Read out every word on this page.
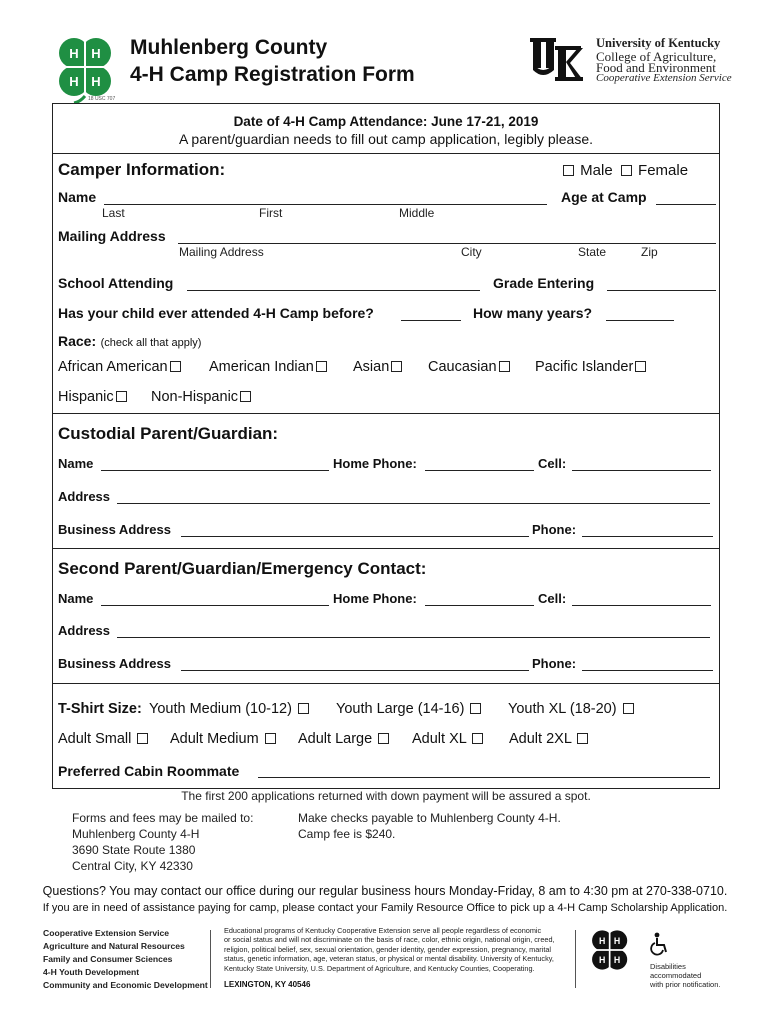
H H
H H
18 USC 707
Muhlenberg County
4-H Camp Registration Form
University of Kentucky
College of Agriculture,
Food and Environment
Cooperative Extension Service
Date of 4-H Camp Attendance: June 17-21, 2019
A parent/guardian needs to fill out camp application, legibly please.
Camper Information:	Male Female
Name	Age at Camp
Last	First	Middle
Mailing Address
Mailing Address	City	State	Zip
School Attending	Grade Entering
Has your child ever attended 4-H Camp before?	How many years?
Race: (check all that apply)
African American	American Indian	Asian	Caucasian	Pacific Islander
Hispanic	Non-Hispanic
Custodial Parent/Guardian:
Name	Home Phone:	Cell:
Address
Business Address	Phone:
Second Parent/Guardian/Emergency Contact:
Name	Home Phone:	Cell:
Address
Business Address	Phone:
T-Shirt Size: Youth Medium (10-12)	Youth Large (14-16)	Youth XL (18-20)
Adult Small	Adult Medium	Adult Large	Adult XL	Adult 2XL
Preferred Cabin Roommate
The first 200 applications returned with down payment will be assured a spot.
Forms and fees may be mailed to:
Muhlenberg County 4-H
3690 State Route 1380
Central City, KY 42330
Make checks payable to Muhlenberg County 4-H.
Camp fee is $240.
Questions? You may contact our office during our regular business hours Monday-Friday, 8 am to 4:30 pm at 270-338-0710.
If you are in need of assistance paying for camp, please contact your Family Resource Office to pick up a 4-H Camp Scholarship Application.
Cooperative Extension Service
Agriculture and Natural Resources
Family and Consumer Sciences
4-H Youth Development
Community and Economic Development
Educational programs of Kentucky Cooperative Extension serve all people regardless of economic
or social status and will not discriminate on the basis of race, color, ethnic origin, national origin, creed,
religion, political belief, sex, sexual orientation, gender identity, gender expression, pregnancy, marital
status, genetic information, age, veteran status, or physical or mental disability. University of Kentucky,
Kentucky State University, U.S. Department of Agriculture, and Kentucky Counties, Cooperating.
LEXINGTON, KY 40546
H H
H H
Disabilities
accommodated
with prior notification.
